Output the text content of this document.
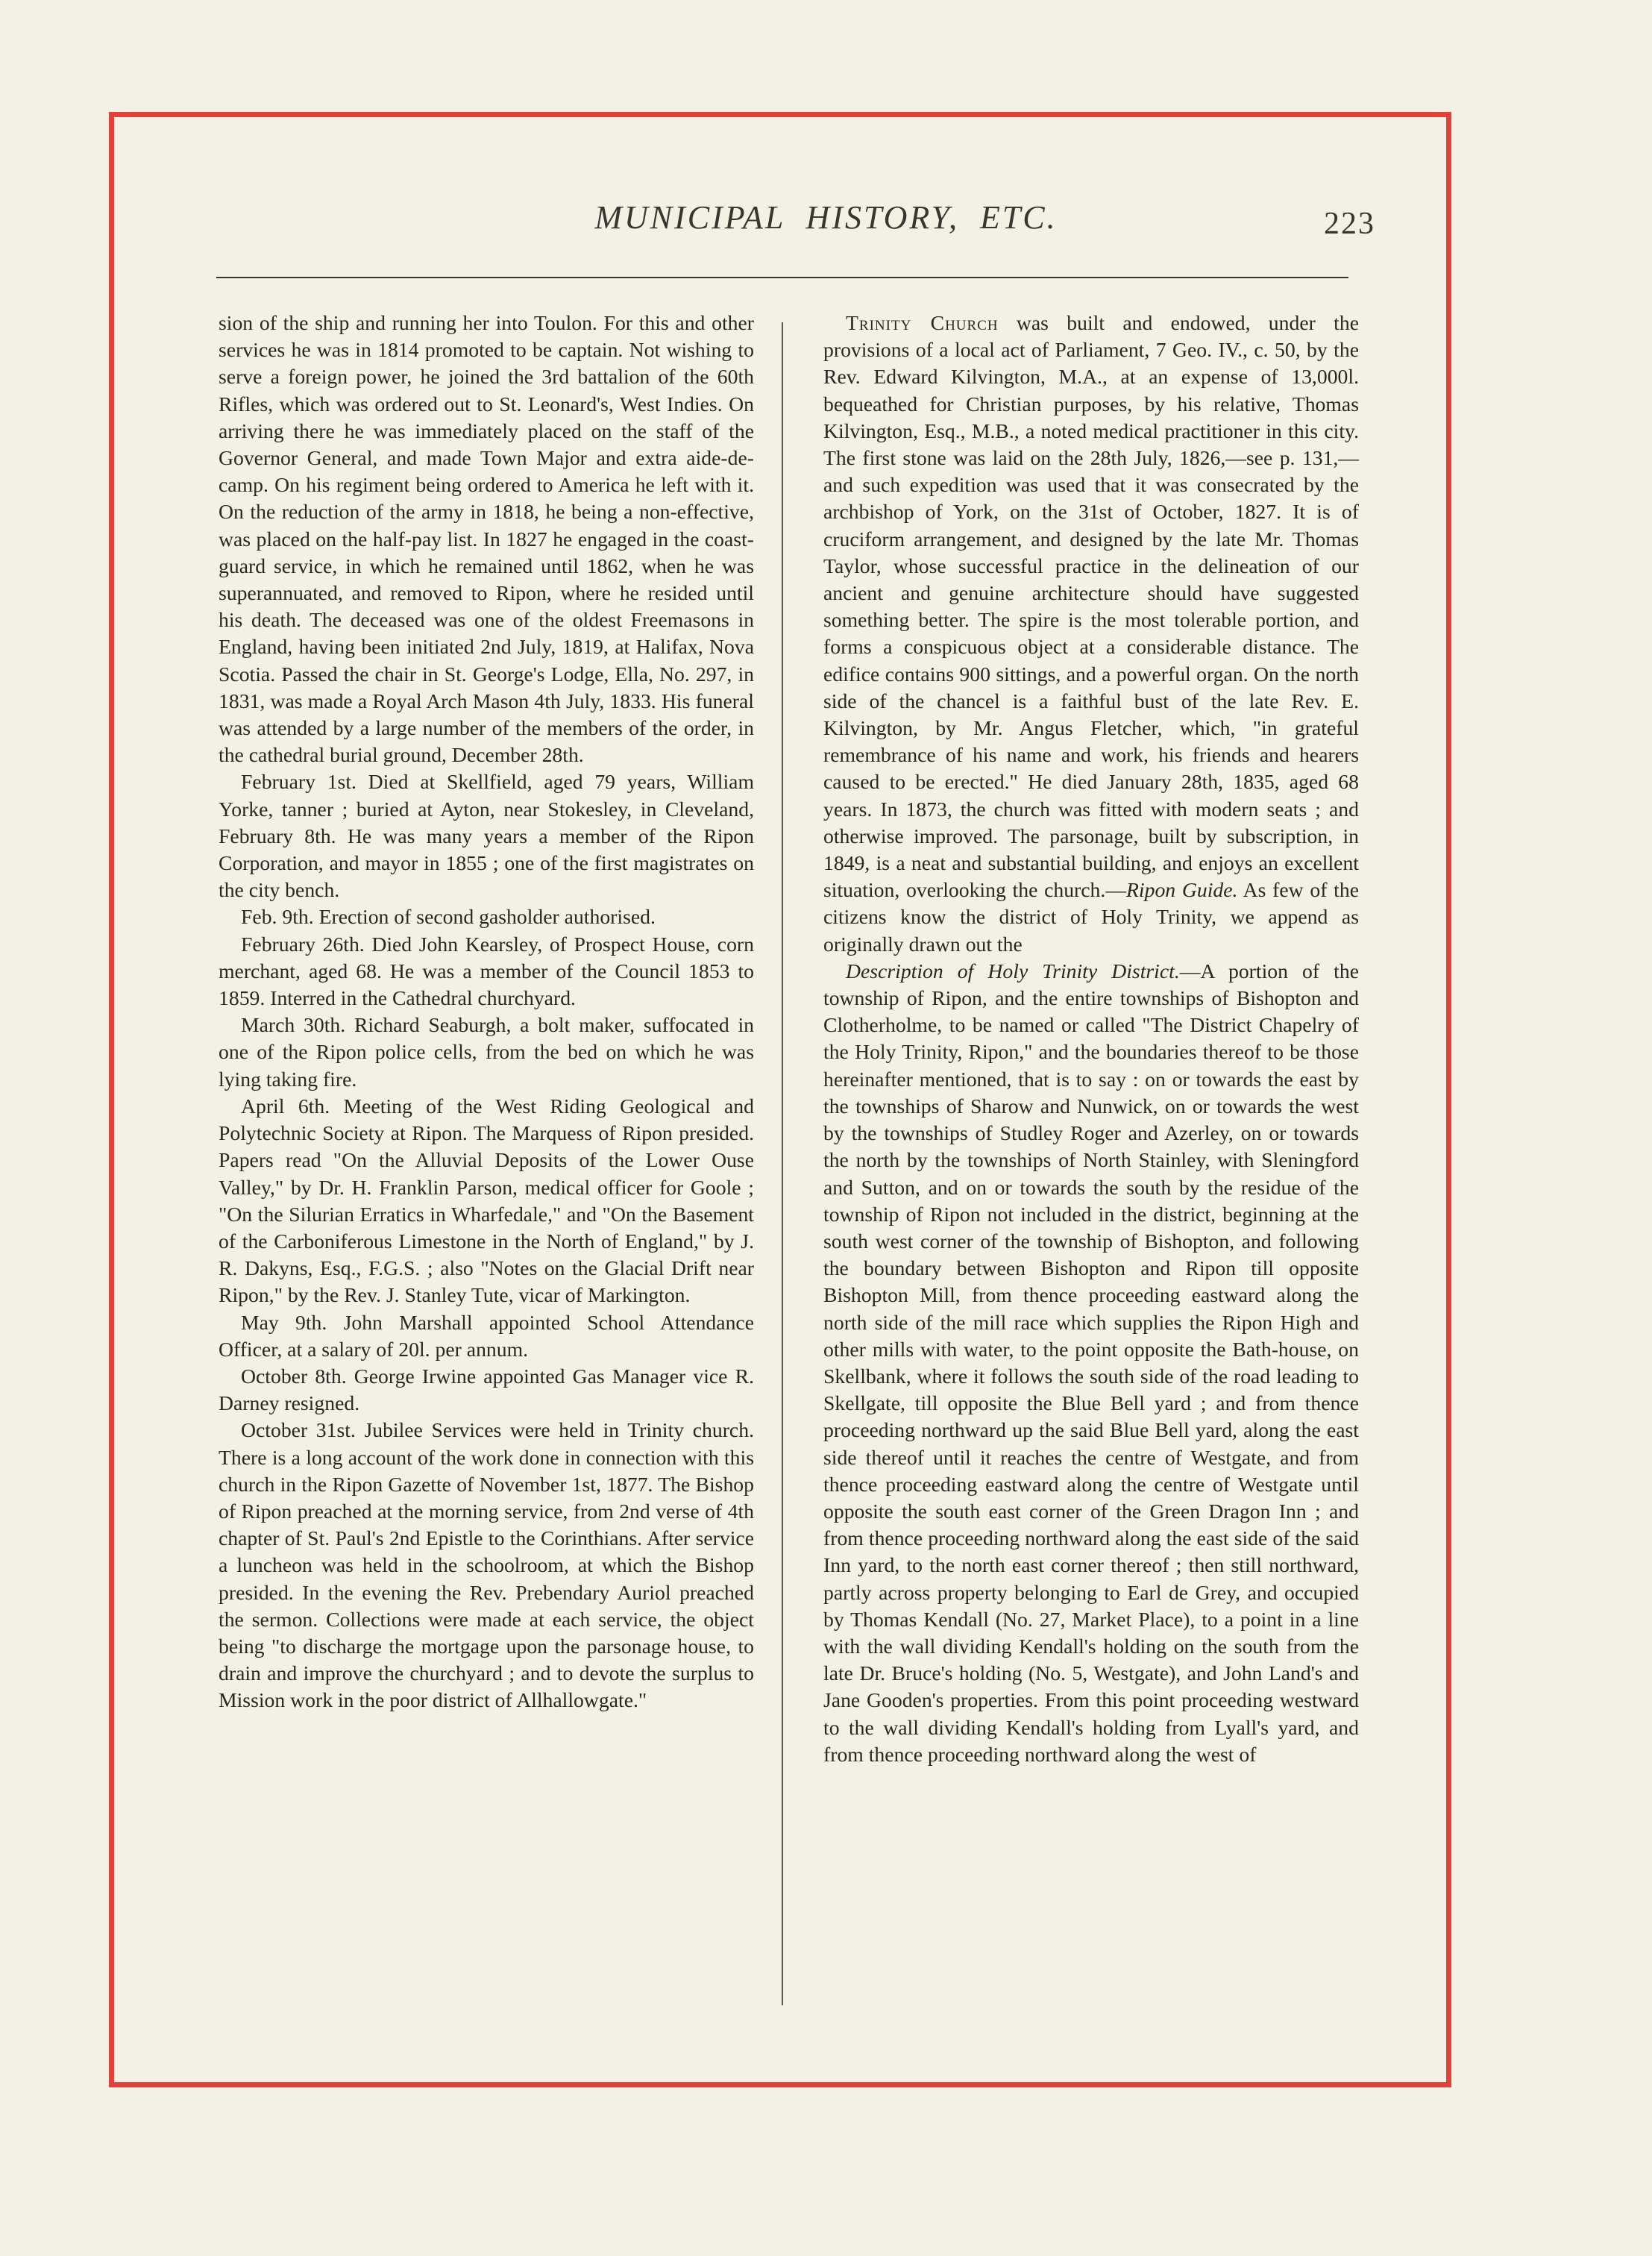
MUNICIPAL HISTORY, ETC.	223

sion of the ship and running her into Toulon. For this and other services he was in 1814 promoted to be captain. Not wishing to serve a foreign power, he joined the 3rd battalion of the 60th Rifles, which was ordered out to St. Leonard's, West Indies. On arriving there he was immediately placed on the staff of the Governor General, and made Town Major and extra aide-de-camp. On his regiment being ordered to America he left with it. On the reduction of the army in 1818, he being a non-effective, was placed on the half-pay list. In 1827 he engaged in the coast-guard service, in which he remained until 1862, when he was superannuated, and removed to Ripon, where he resided until his death. The deceased was one of the oldest Freemasons in England, having been initiated 2nd July, 1819, at Halifax, Nova Scotia. Passed the chair in St. George's Lodge, Ella, No. 297, in 1831, was made a Royal Arch Mason 4th July, 1833. His funeral was attended by a large number of the members of the order, in the cathedral burial ground, December 28th.

February 1st. Died at Skellfield, aged 79 years, William Yorke, tanner ; buried at Ayton, near Stokesley, in Cleveland, February 8th. He was many years a member of the Ripon Corporation, and mayor in 1855 ; one of the first magistrates on the city bench.

Feb. 9th. Erection of second gasholder authorised.

February 26th. Died John Kearsley, of Prospect House, corn merchant, aged 68. He was a member of the Council 1853 to 1859. Interred in the Cathedral churchyard.

March 30th. Richard Seaburgh, a bolt maker, suffocated in one of the Ripon police cells, from the bed on which he was lying taking fire.

April 6th. Meeting of the West Riding Geological and Polytechnic Society at Ripon. The Marquess of Ripon presided. Papers read "On the Alluvial Deposits of the Lower Ouse Valley," by Dr. H. Franklin Parson, medical officer for Goole ; "On the Silurian Erratics in Wharfedale," and "On the Basement of the Carboniferous Limestone in the North of England," by J. R. Dakyns, Esq., F.G.S. ; also "Notes on the Glacial Drift near Ripon," by the Rev. J. Stanley Tute, vicar of Markington.

May 9th. John Marshall appointed School Attendance Officer, at a salary of 20l. per annum.

October 8th. George Irwine appointed Gas Manager vice R. Darney resigned.

October 31st. Jubilee Services were held in Trinity church. There is a long account of the work done in connection with this church in the Ripon Gazette of November 1st, 1877. The Bishop of Ripon preached at the morning service, from 2nd verse of 4th chapter of St. Paul's 2nd Epistle to the Corinthians. After service a luncheon was held in the schoolroom, at which the Bishop presided. In the evening the Rev. Prebendary Auriol preached the sermon. Collections were made at each service, the object being "to discharge the mortgage upon the parsonage house, to drain and improve the churchyard ; and to devote the surplus to Mission work in the poor district of Allhallowgate."

Trinity Church was built and endowed, under the provisions of a local act of Parliament, 7 Geo. IV., c. 50, by the Rev. Edward Kilvington, M.A., at an expense of 13,000l. bequeathed for Christian purposes, by his relative, Thomas Kilvington, Esq., M.B., a noted medical practitioner in this city. The first stone was laid on the 28th July, 1826,—see p. 131,—and such expedition was used that it was consecrated by the archbishop of York, on the 31st of October, 1827. It is of cruciform arrangement, and designed by the late Mr. Thomas Taylor, whose successful practice in the delineation of our ancient and genuine architecture should have suggested something better. The spire is the most tolerable portion, and forms a conspicuous object at a considerable distance. The edifice contains 900 sittings, and a powerful organ. On the north side of the chancel is a faithful bust of the late Rev. E. Kilvington, by Mr. Angus Fletcher, which, "in grateful remembrance of his name and work, his friends and hearers caused to be erected." He died January 28th, 1835, aged 68 years. In 1873, the church was fitted with modern seats ; and otherwise improved. The parsonage, built by subscription, in 1849, is a neat and substantial building, and enjoys an excellent situation, overlooking the church.—Ripon Guide. As few of the citizens know the district of Holy Trinity, we append as originally drawn out the

Description of Holy Trinity District.—A portion of the township of Ripon, and the entire townships of Bishopton and Clotherholme, to be named or called "The District Chapelry of the Holy Trinity, Ripon," and the boundaries thereof to be those hereinafter mentioned, that is to say : on or towards the east by the townships of Sharow and Nunwick, on or towards the west by the townships of Studley Roger and Azerley, on or towards the north by the townships of North Stainley, with Sleningford and Sutton, and on or towards the south by the residue of the township of Ripon not included in the district, beginning at the south west corner of the township of Bishopton, and following the boundary between Bishopton and Ripon till opposite Bishopton Mill, from thence proceeding eastward along the north side of the mill race which supplies the Ripon High and other mills with water, to the point opposite the Bath-house, on Skellbank, where it follows the south side of the road leading to Skellgate, till opposite the Blue Bell yard ; and from thence proceeding northward up the said Blue Bell yard, along the east side thereof until it reaches the centre of Westgate, and from thence proceeding eastward along the centre of Westgate until opposite the south east corner of the Green Dragon Inn ; and from thence proceeding northward along the east side of the said Inn yard, to the north east corner thereof ; then still northward, partly across property belonging to Earl de Grey, and occupied by Thomas Kendall (No. 27, Market Place), to a point in a line with the wall dividing Kendall's holding on the south from the late Dr. Bruce's holding (No. 5, Westgate), and John Land's and Jane Gooden's properties. From this point proceeding westward to the wall dividing Kendall's holding from Lyall's yard, and from thence proceeding northward along the west of
